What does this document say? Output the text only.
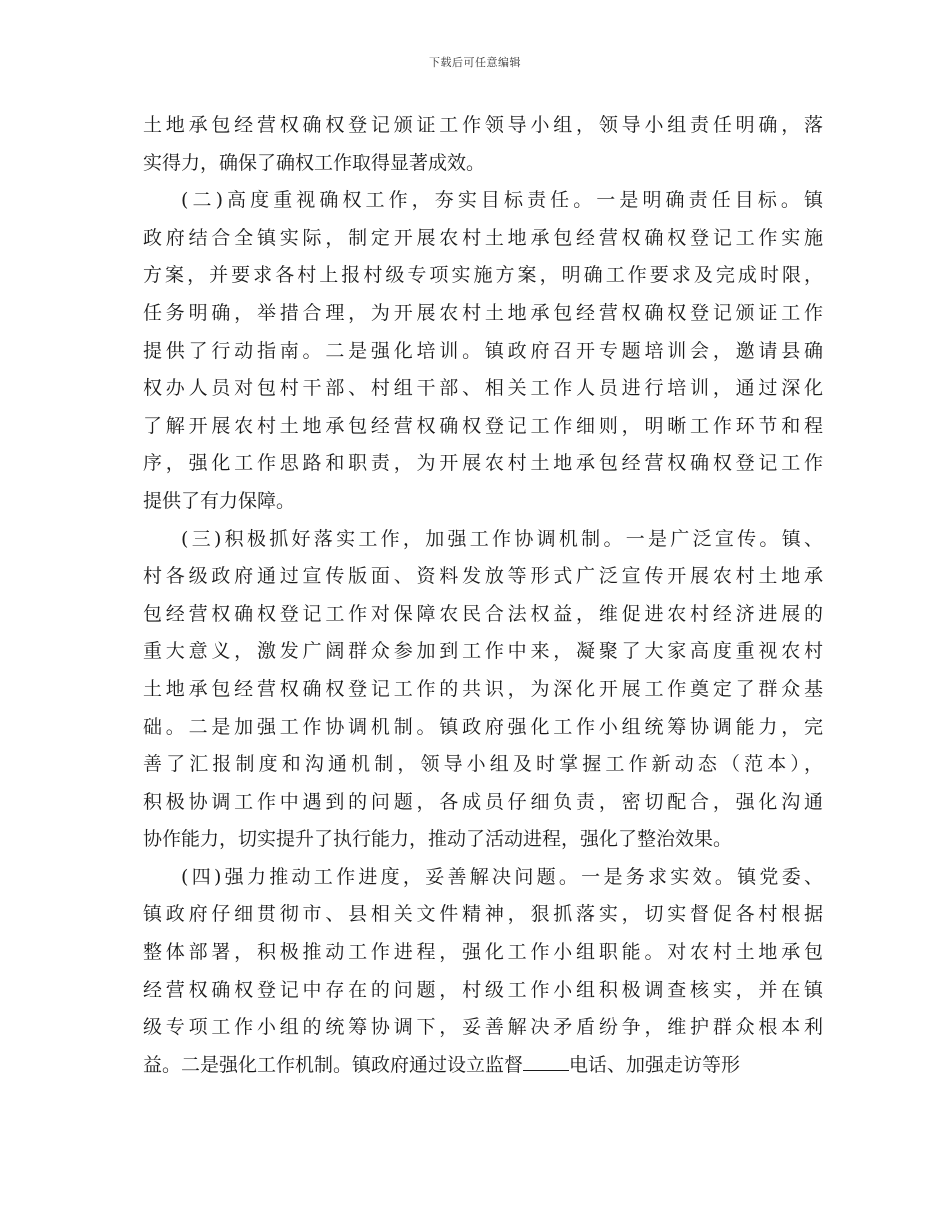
下载后可任意编辑
土地承包经营权确权登记颁证工作领导小组，领导小组责任明确，落
实得力，确保了确权工作取得显著成效。
(二)高度重视确权工作，夯实目标责任。一是明确责任目标。镇
政府结合全镇实际，制定开展农村土地承包经营权确权登记工作实施
方案，并要求各村上报村级专项实施方案，明确工作要求及完成时限，
任务明确，举措合理，为开展农村土地承包经营权确权登记颁证工作
提供了行动指南。二是强化培训。镇政府召开专题培训会，邀请县确
权办人员对包村干部、村组干部、相关工作人员进行培训，通过深化
了解开展农村土地承包经营权确权登记工作细则，明晰工作环节和程
序，强化工作思路和职责，为开展农村土地承包经营权确权登记工作
提供了有力保障。
(三)积极抓好落实工作，加强工作协调机制。一是广泛宣传。镇、
村各级政府通过宣传版面、资料发放等形式广泛宣传开展农村土地承
包经营权确权登记工作对保障农民合法权益，维促进农村经济进展的
重大意义，激发广阔群众参加到工作中来，凝聚了大家高度重视农村
土地承包经营权确权登记工作的共识，为深化开展工作奠定了群众基
础。二是加强工作协调机制。镇政府强化工作小组统筹协调能力，完
善了汇报制度和沟通机制，领导小组及时掌握工作新动态（范本），
积极协调工作中遇到的问题，各成员仔细负责，密切配合，强化沟通
协作能力，切实提升了执行能力，推动了活动进程，强化了整治效果。
(四)强力推动工作进度，妥善解决问题。一是务求实效。镇党委、
镇政府仔细贯彻市、县相关文件精神，狠抓落实，切实督促各村根据
整体部署，积极推动工作进程，强化工作小组职能。对农村土地承包
经营权确权登记中存在的问题，村级工作小组积极调查核实，并在镇
级专项工作小组的统筹协调下，妥善解决矛盾纷争，维护群众根本利
益。二是强化工作机制。镇政府通过设立监督 电话、加强走访等形
